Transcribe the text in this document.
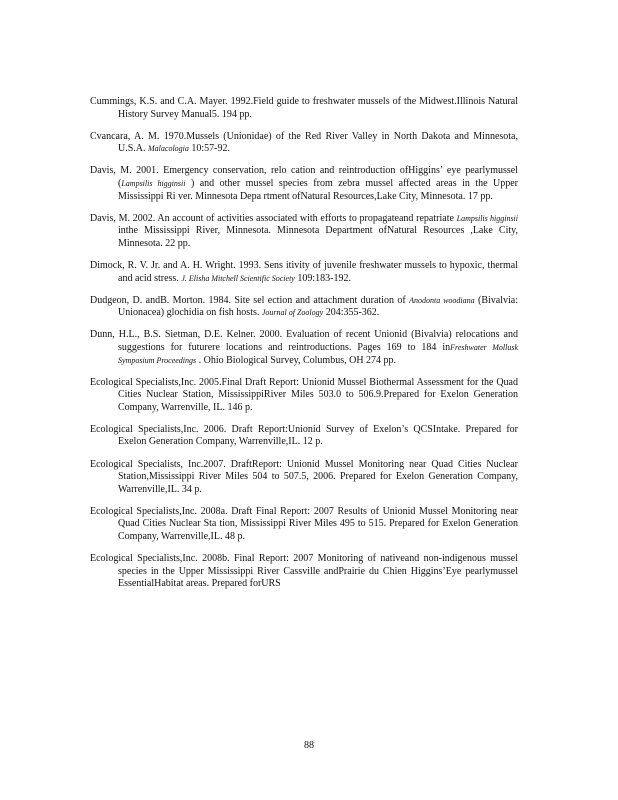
Cummings, K.S. and C.A. Mayer. 1992.Field guide to freshwater mussels of the Midwest.Illinois Natural History Survey Manual5. 194 pp.

Cvancara, A. M. 1970.Mussels (Unionidae) of the Red River Valley in North Dakota and Minnesota, U.S.A. Malacologia 10:57-92.

Davis, M. 2001. Emergency conservation, relo cation and reintroduction ofHiggins’ eye pearlymussel (Lampsilis higginsii ) and other mussel species from zebra mussel affected areas in the Upper Mississippi Ri ver. Minnesota Depa rtment ofNatural Resources,Lake City, Minnesota. 17 pp.

Davis, M. 2002. An account of activities associated with efforts to propagateand repatriate Lampsilis higginsii inthe Mississippi River, Minnesota. Minnesota Department ofNatural Resources ,Lake City, Minnesota. 22 pp.

Dimock, R. V. Jr. and A. H. Wright. 1993. Sens itivity of juvenile freshwater mussels to hypoxic, thermal and acid stress. J. Elisha Mitchell Scientific Society 109:183-192.

Dudgeon, D. andB. Morton. 1984. Site sel ection and attachment duration of Anodonta woodiana (Bivalvia: Unionacea) glochidia on fish hosts. Journal of Zoology 204:355-362.

Dunn, H.L., B.S. Sietman, D.E. Kelner. 2000. Evaluation of recent Unionid (Bivalvia) relocations and suggestions for futurere locations and reintroductions. Pages 169 to 184 inFreshwater Mollusk Symposium Proceedings . Ohio Biological Survey, Columbus, OH 274 pp.

Ecological Specialists,Inc. 2005.Final Draft Report: Unionid Mussel Biothermal Assessment for the Quad Cities Nuclear Station, MississippiRiver Miles 503.0 to 506.9.Prepared for Exelon Generation Company, Warrenville, IL. 146 p.

Ecological Specialists,Inc. 2006. Draft Report:Unionid Survey of Exelon’s QCSIntake. Prepared for Exelon Generation Company, Warrenville,IL. 12 p.

Ecological Specialists, Inc.2007. DraftReport: Unionid Mussel Monitoring near Quad Cities Nuclear Station,Mississippi River Miles 504 to 507.5, 2006. Prepared for Exelon Generation Company, Warrenville,IL. 34 p.

Ecological Specialists,Inc. 2008a. Draft Final Report: 2007 Results of Unionid Mussel Monitoring near Quad Cities Nuclear Sta tion, Mississippi River Miles 495 to 515. Prepared for Exelon Generation Company, Warrenville,IL. 48 p.

Ecological Specialists,Inc. 2008b. Final Report: 2007 Monitoring of nativeand non-indigenous mussel species in the Upper Mississippi River Cassville andPrairie du Chien Higgins’Eye pearlymussel EssentialHabitat areas. Prepared forURS

88
